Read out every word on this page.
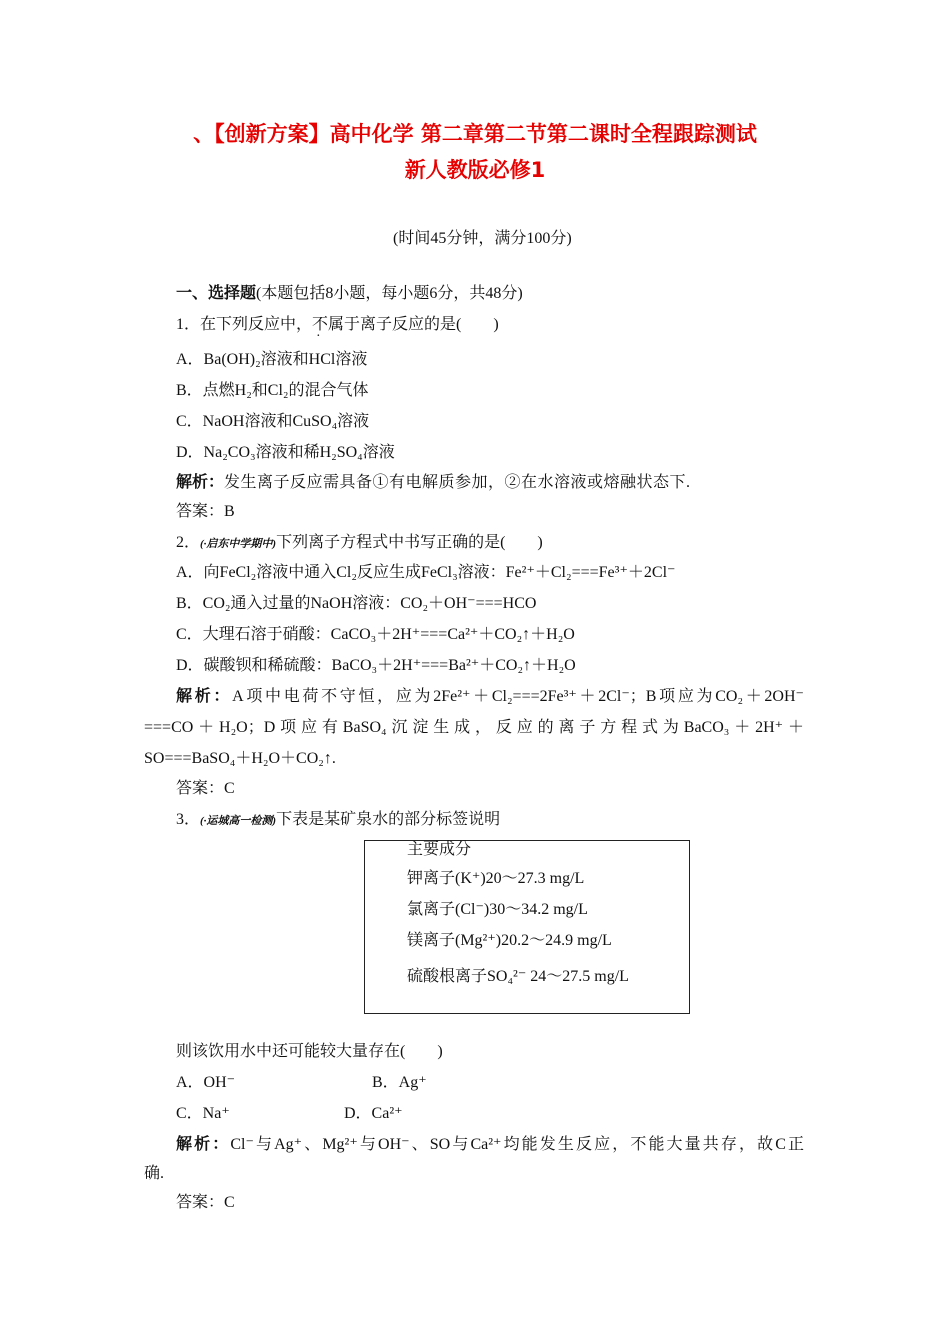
、【创新方案】高中化学 第二章第二节第二课时全程跟踪测试
新人教版必修1
(时间45分钟，满分100分)
一、选择题(本题包括8小题，每小题6分，共48分)
1．在下列反应中，不属于离子反应的是(　　)
A．Ba(OH)₂溶液和HCl溶液
B．点燃H₂和Cl₂的混合气体
C．NaOH溶液和CuSO₄溶液
D．Na₂CO₃溶液和稀H₂SO₄溶液
解析：发生离子反应需具备①有电解质参加，②在水溶液或熔融状态下.
答案：B
2．(·启东中学期中)下列离子方程式中书写正确的是(　　)
A．向FeCl₂溶液中通入Cl₂反应生成FeCl₃溶液：Fe²⁺＋Cl₂===Fe³⁺＋2Cl⁻
B．CO₂通入过量的NaOH溶液：CO₂＋OH⁻===HCO
C．大理石溶于硝酸：CaCO₃＋2H⁺===Ca²⁺＋CO₂↑＋H₂O
D．碳酸钡和稀硫酸：BaCO₃＋2H⁺===Ba²⁺＋CO₂↑＋H₂O
解析：A项中电荷不守恒，应为2Fe²⁺＋Cl₂===2Fe³⁺＋2Cl⁻；B项应为CO₂＋2OH⁻
===CO＋H₂O；D项应有BaSO₄沉淀生成，反应的离子方程式为BaCO₃＋2H⁺＋
SO===BaSO₄＋H₂O＋CO₂↑.
答案：C
3．(·运城高一检测)下表是某矿泉水的部分标签说明
主要成分
钾离子(K⁺)20～27.3 mg/L
氯离子(Cl⁻)30～34.2 mg/L
镁离子(Mg²⁺)20.2～24.9 mg/L
硫酸根离子SO₄²⁻ 24～27.5 mg/L
则该饮用水中还可能较大量存在(　　)
A．OH⁻	B．Ag⁺
C．Na⁺	D．Ca²⁺
解析：Cl⁻与Ag⁺、Mg²⁺与OH⁻、SO与Ca²⁺均能发生反应，不能大量共存，故C正
确.
答案：C
